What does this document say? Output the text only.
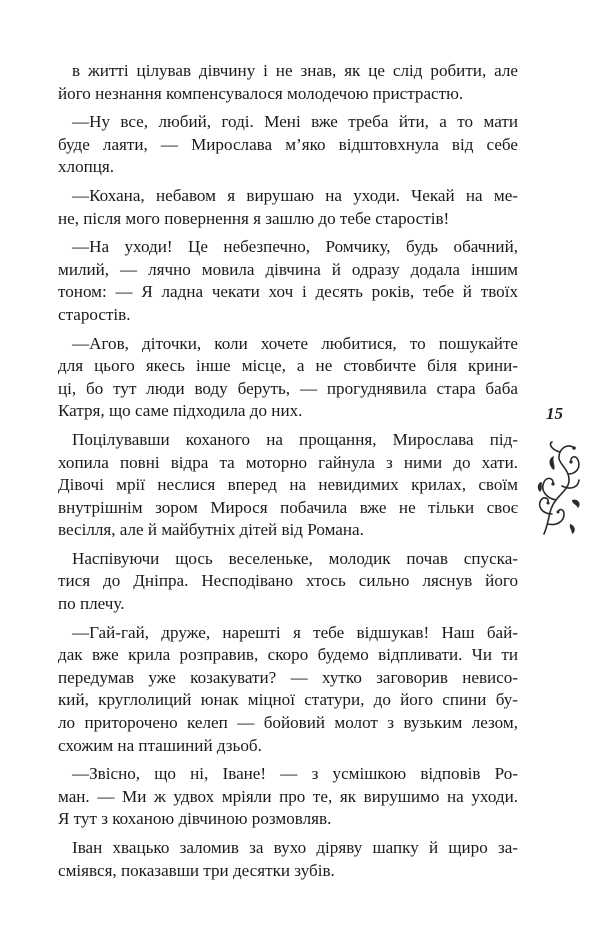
в житті цілував дівчину і не знав, як це слід робити, але
його незнання компенсувалося молодечою пристрастю.
—Ну все, любий, годі. Мені вже треба йти, а то мати
буде лаяти, — Мирослава м’яко відштовхнула від себе
хлопця.
—Кохана, небавом я вирушаю на уходи. Чекай на ме-
не, після мого повернення я зашлю до тебе старостів!
—На уходи! Це небезпечно, Ромчику, будь обачний,
милий, — лячно мовила дівчина й одразу додала іншим
тоном: — Я ладна чекати хоч і десять років, тебе й твоїх
старостів.
—Агов, діточки, коли хочете любитися, то пошукайте
для цього якесь інше місце, а не стовбичте біля крини-
ці, бо тут люди воду беруть, — прогуднявила стара баба
Катря, що саме підходила до них.
Поцілувавши коханого на прощання, Мирослава під-
хопила повні відра та моторно гайнула з ними до хати.
Дівочі мрії неслися вперед на невидимих крилах, своїм
внутрішнім зором Мирося побачила вже не тільки своє
весілля, але й майбутніх дітей від Романа.
Наспівуючи щось веселеньке, молодик почав спуска-
тися до Дніпра. Несподівано хтось сильно ляснув його
по плечу.
—Гай-гай, друже, нарешті я тебе відшукав! Наш бай-
дак вже крила розправив, скоро будемо відпливати. Чи ти
передумав уже козакувати? — хутко заговорив невисо-
кий, круглолиций юнак міцної статури, до його спини бу-
ло приторочено келеп — бойовий молот з вузьким лезом,
схожим на пташиний дзьоб.
—Звісно, що ні, Іване! — з усмішкою відповів Ро-
ман. — Ми ж удвох мріяли про те, як вирушимо на уходи.
Я тут з коханою дівчиною розмовляв.
Іван хвацько заломив за вухо діряву шапку й щиро за-
сміявся, показавши три десятки зубів.
15
